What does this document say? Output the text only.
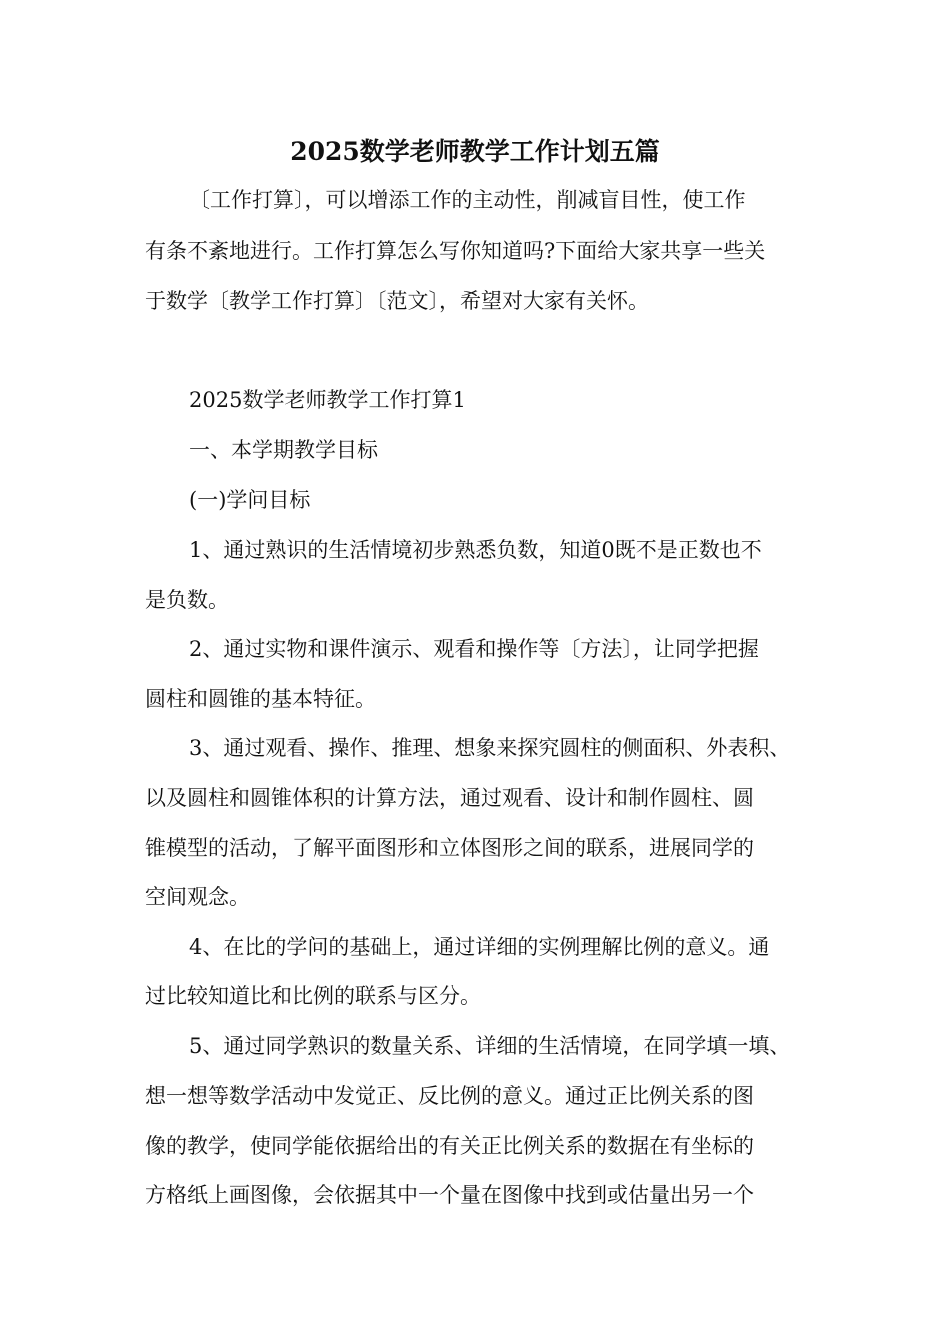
2025数学老师教学工作计划五篇
〔工作打算〕，可以增添工作的主动性，削减盲目性，使工作
有条不紊地进行。工作打算怎么写你知道吗?下面给大家共享一些关
于数学〔教学工作打算〕〔范文〕，希望对大家有关怀。
2025数学老师教学工作打算1
一、本学期教学目标
(一)学问目标
1、通过熟识的生活情境初步熟悉负数，知道0既不是正数也不
是负数。
2、通过实物和课件演示、观看和操作等〔方法〕，让同学把握
圆柱和圆锥的基本特征。
3、通过观看、操作、推理、想象来探究圆柱的侧面积、外表积、
以及圆柱和圆锥体积的计算方法，通过观看、设计和制作圆柱、圆
锥模型的活动，了解平面图形和立体图形之间的联系，进展同学的
空间观念。
4、在比的学问的基础上，通过详细的实例理解比例的意义。通
过比较知道比和比例的联系与区分。
5、通过同学熟识的数量关系、详细的生活情境，在同学填一填、
想一想等数学活动中发觉正、反比例的意义。通过正比例关系的图
像的教学，使同学能依据给出的有关正比例关系的数据在有坐标的
方格纸上画图像，会依据其中一个量在图像中找到或估量出另一个
